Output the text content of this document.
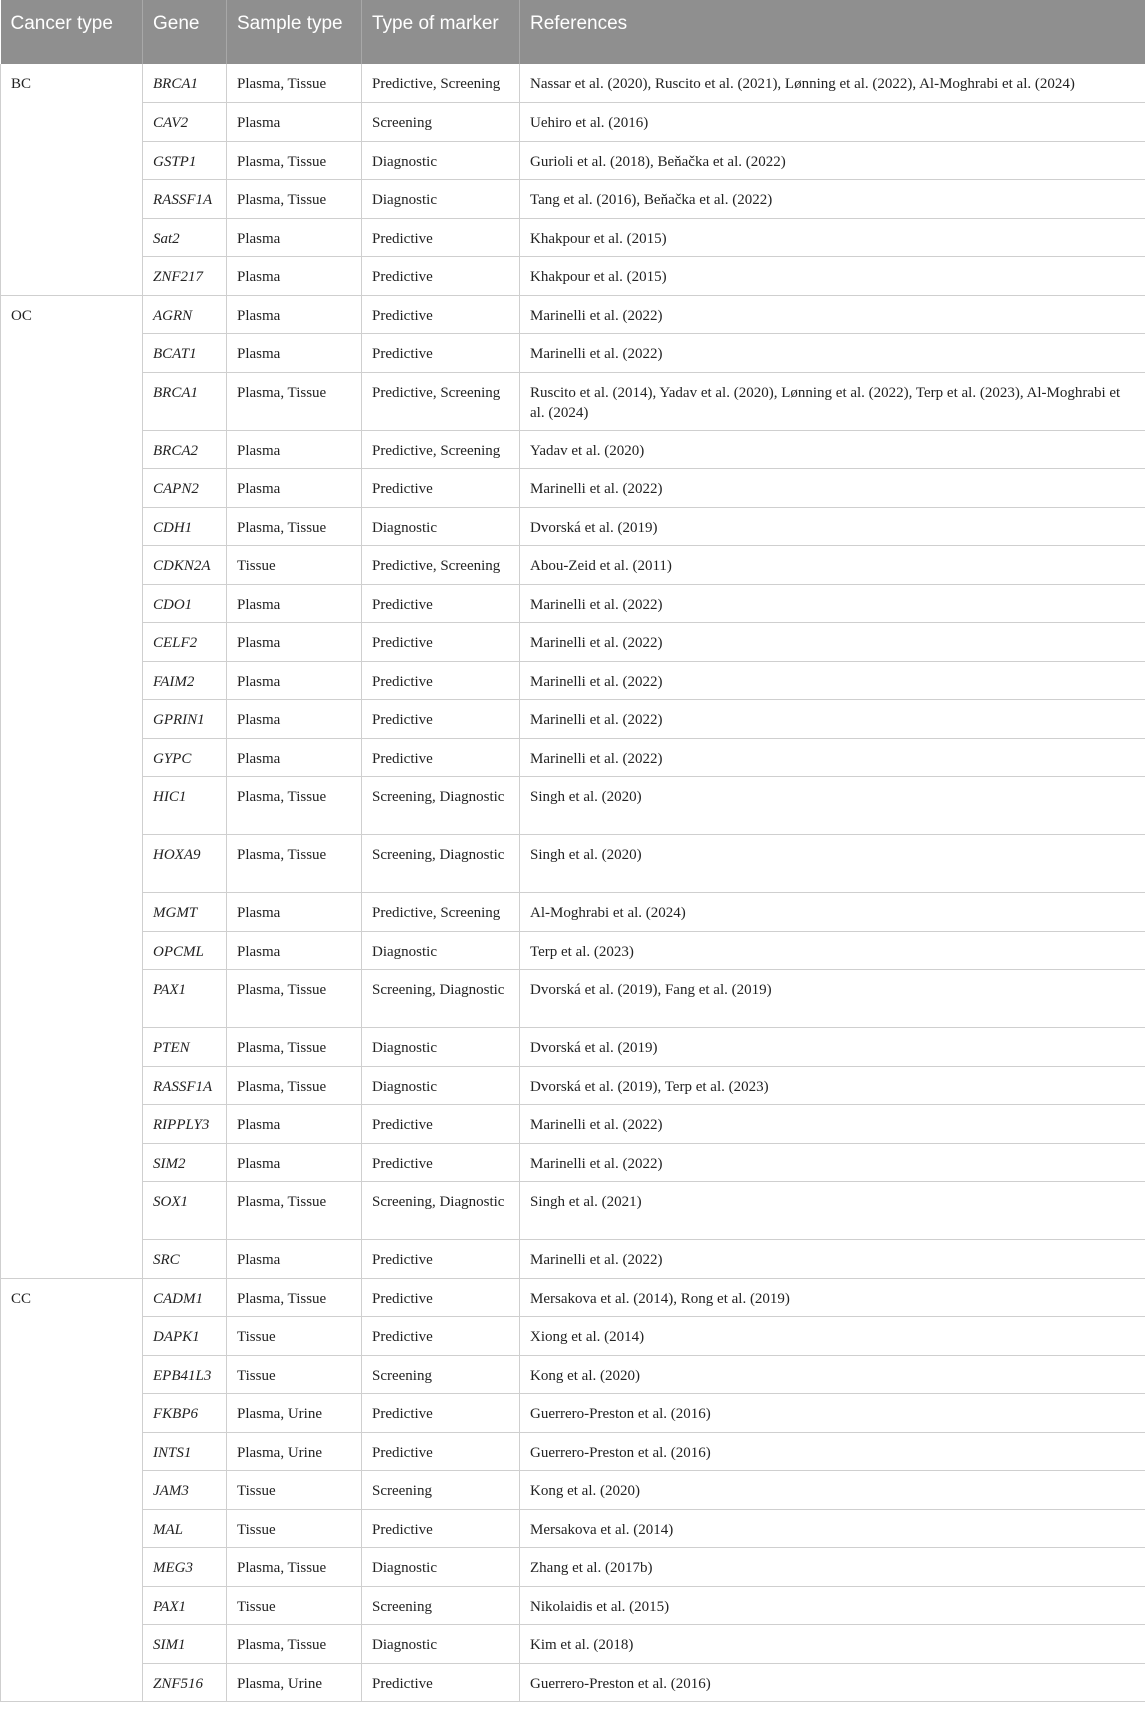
Cancer type	Gene	Sample type	Type of marker	References
BC	BRCA1	Plasma, Tissue	Predictive, Screening	Nassar et al. (2020), Ruscito et al. (2021), Lønning et al. (2022), Al-Moghrabi et al. (2024)
	CAV2	Plasma	Screening	Uehiro et al. (2016)
	GSTP1	Plasma, Tissue	Diagnostic	Gurioli et al. (2018), Beňačka et al. (2022)
	RASSF1A	Plasma, Tissue	Diagnostic	Tang et al. (2016), Beňačka et al. (2022)
	Sat2	Plasma	Predictive	Khakpour et al. (2015)
	ZNF217	Plasma	Predictive	Khakpour et al. (2015)
OC	AGRN	Plasma	Predictive	Marinelli et al. (2022)
	BCAT1	Plasma	Predictive	Marinelli et al. (2022)
	BRCA1	Plasma, Tissue	Predictive, Screening	Ruscito et al. (2014), Yadav et al. (2020), Lønning et al. (2022), Terp et al. (2023), Al-Moghrabi et al. (2024)
	BRCA2	Plasma	Predictive, Screening	Yadav et al. (2020)
	CAPN2	Plasma	Predictive	Marinelli et al. (2022)
	CDH1	Plasma, Tissue	Diagnostic	Dvorská et al. (2019)
	CDKN2A	Tissue	Predictive, Screening	Abou-Zeid et al. (2011)
	CDO1	Plasma	Predictive	Marinelli et al. (2022)
	CELF2	Plasma	Predictive	Marinelli et al. (2022)
	FAIM2	Plasma	Predictive	Marinelli et al. (2022)
	GPRIN1	Plasma	Predictive	Marinelli et al. (2022)
	GYPC	Plasma	Predictive	Marinelli et al. (2022)
	HIC1	Plasma, Tissue	Screening, Diagnostic	Singh et al. (2020)
	HOXA9	Plasma, Tissue	Screening, Diagnostic	Singh et al. (2020)
	MGMT	Plasma	Predictive, Screening	Al-Moghrabi et al. (2024)
	OPCML	Plasma	Diagnostic	Terp et al. (2023)
	PAX1	Plasma, Tissue	Screening, Diagnostic	Dvorská et al. (2019), Fang et al. (2019)
	PTEN	Plasma, Tissue	Diagnostic	Dvorská et al. (2019)
	RASSF1A	Plasma, Tissue	Diagnostic	Dvorská et al. (2019), Terp et al. (2023)
	RIPPLY3	Plasma	Predictive	Marinelli et al. (2022)
	SIM2	Plasma	Predictive	Marinelli et al. (2022)
	SOX1	Plasma, Tissue	Screening, Diagnostic	Singh et al. (2021)
	SRC	Plasma	Predictive	Marinelli et al. (2022)
CC	CADM1	Plasma, Tissue	Predictive	Mersakova et al. (2014), Rong et al. (2019)
	DAPK1	Tissue	Predictive	Xiong et al. (2014)
	EPB41L3	Tissue	Screening	Kong et al. (2020)
	FKBP6	Plasma, Urine	Predictive	Guerrero-Preston et al. (2016)
	INTS1	Plasma, Urine	Predictive	Guerrero-Preston et al. (2016)
	JAM3	Tissue	Screening	Kong et al. (2020)
	MAL	Tissue	Predictive	Mersakova et al. (2014)
	MEG3	Plasma, Tissue	Diagnostic	Zhang et al. (2017b)
	PAX1	Tissue	Screening	Nikolaidis et al. (2015)
	SIM1	Plasma, Tissue	Diagnostic	Kim et al. (2018)
	ZNF516	Plasma, Urine	Predictive	Guerrero-Preston et al. (2016)
